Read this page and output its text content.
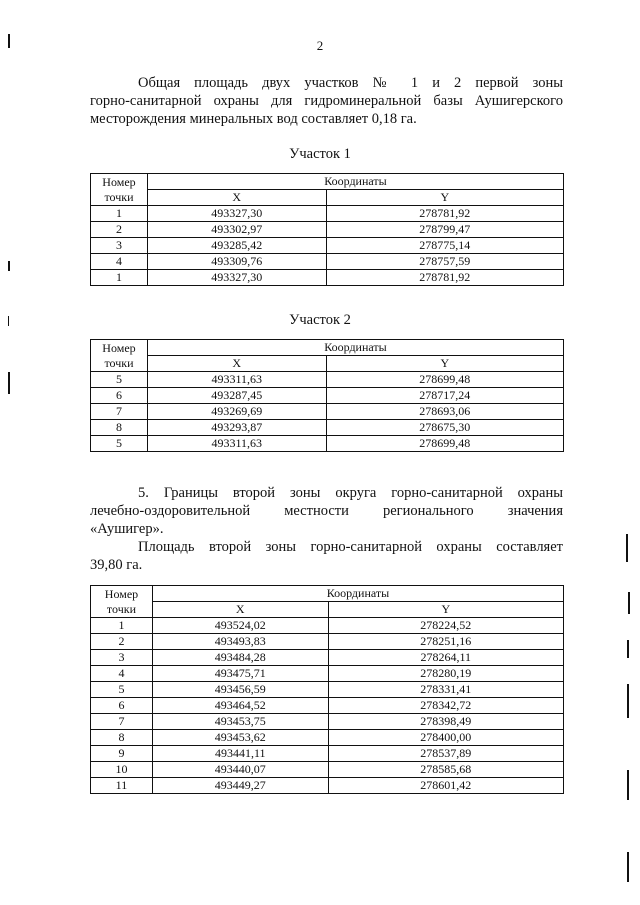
2
Общая площадь двух участков № 1 и 2 первой зоны
горно-санитарной охраны для гидроминеральной базы Аушигерского
месторождения минеральных вод составляет 0,18 га.
Участок 1
Номер
точки	Координаты	
	X	Y
1	493327,30	278781,92
2	493302,97	278799,47
3	493285,42	278775,14
4	493309,76	278757,59
1	493327,30	278781,92
Участок 2
Номер
точки	Координаты	
	X	Y
5	493311,63	278699,48
6	493287,45	278717,24
7	493269,69	278693,06
8	493293,87	278675,30
5	493311,63	278699,48
5. Границы второй зоны округа горно-санитарной охраны
лечебно-оздоровительной местности регионального значения
«Аушигер».
Площадь второй зоны горно-санитарной охраны составляет
39,80 га.
Номер
точки	Координаты	
	X	Y
1	493524,02	278224,52
2	493493,83	278251,16
3	493484,28	278264,11
4	493475,71	278280,19
5	493456,59	278331,41
6	493464,52	278342,72
7	493453,75	278398,49
8	493453,62	278400,00
9	493441,11	278537,89
10	493440,07	278585,68
11	493449,27	278601,42
